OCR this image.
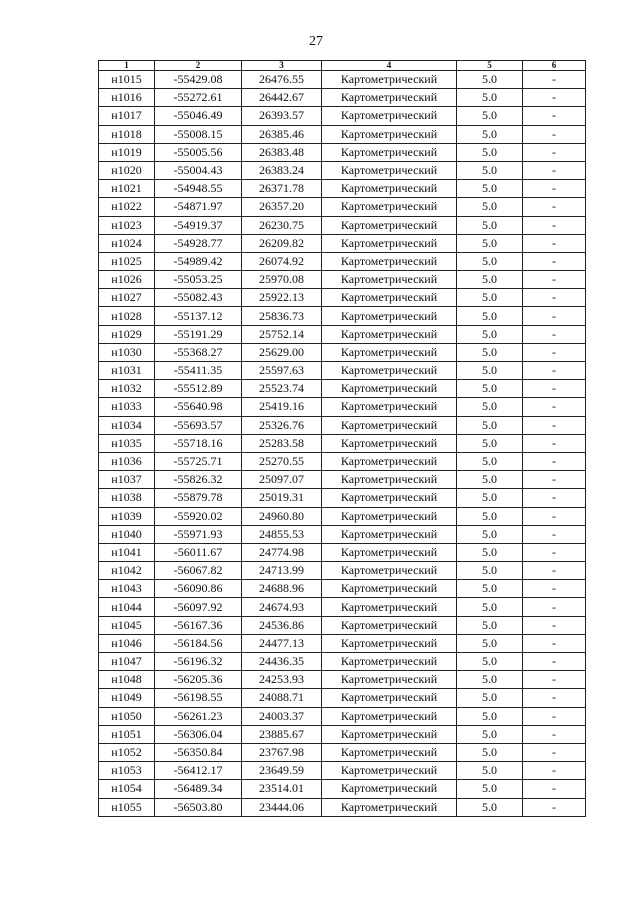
27
1	2	3	4	5	6
н1015	-55429.08	26476.55	Картометрический	5.0	-
н1016	-55272.61	26442.67	Картометрический	5.0	-
н1017	-55046.49	26393.57	Картометрический	5.0	-
н1018	-55008.15	26385.46	Картометрический	5.0	-
н1019	-55005.56	26383.48	Картометрический	5.0	-
н1020	-55004.43	26383.24	Картометрический	5.0	-
н1021	-54948.55	26371.78	Картометрический	5.0	-
н1022	-54871.97	26357.20	Картометрический	5.0	-
н1023	-54919.37	26230.75	Картометрический	5.0	-
н1024	-54928.77	26209.82	Картометрический	5.0	-
н1025	-54989.42	26074.92	Картометрический	5.0	-
н1026	-55053.25	25970.08	Картометрический	5.0	-
н1027	-55082.43	25922.13	Картометрический	5.0	-
н1028	-55137.12	25836.73	Картометрический	5.0	-
н1029	-55191.29	25752.14	Картометрический	5.0	-
н1030	-55368.27	25629.00	Картометрический	5.0	-
н1031	-55411.35	25597.63	Картометрический	5.0	-
н1032	-55512.89	25523.74	Картометрический	5.0	-
н1033	-55640.98	25419.16	Картометрический	5.0	-
н1034	-55693.57	25326.76	Картометрический	5.0	-
н1035	-55718.16	25283.58	Картометрический	5.0	-
н1036	-55725.71	25270.55	Картометрический	5.0	-
н1037	-55826.32	25097.07	Картометрический	5.0	-
н1038	-55879.78	25019.31	Картометрический	5.0	-
н1039	-55920.02	24960.80	Картометрический	5.0	-
н1040	-55971.93	24855.53	Картометрический	5.0	-
н1041	-56011.67	24774.98	Картометрический	5.0	-
н1042	-56067.82	24713.99	Картометрический	5.0	-
н1043	-56090.86	24688.96	Картометрический	5.0	-
н1044	-56097.92	24674.93	Картометрический	5.0	-
н1045	-56167.36	24536.86	Картометрический	5.0	-
н1046	-56184.56	24477.13	Картометрический	5.0	-
н1047	-56196.32	24436.35	Картометрический	5.0	-
н1048	-56205.36	24253.93	Картометрический	5.0	-
н1049	-56198.55	24088.71	Картометрический	5.0	-
н1050	-56261.23	24003.37	Картометрический	5.0	-
н1051	-56306.04	23885.67	Картометрический	5.0	-
н1052	-56350.84	23767.98	Картометрический	5.0	-
н1053	-56412.17	23649.59	Картометрический	5.0	-
н1054	-56489.34	23514.01	Картометрический	5.0	-
н1055	-56503.80	23444.06	Картометрический	5.0	-
